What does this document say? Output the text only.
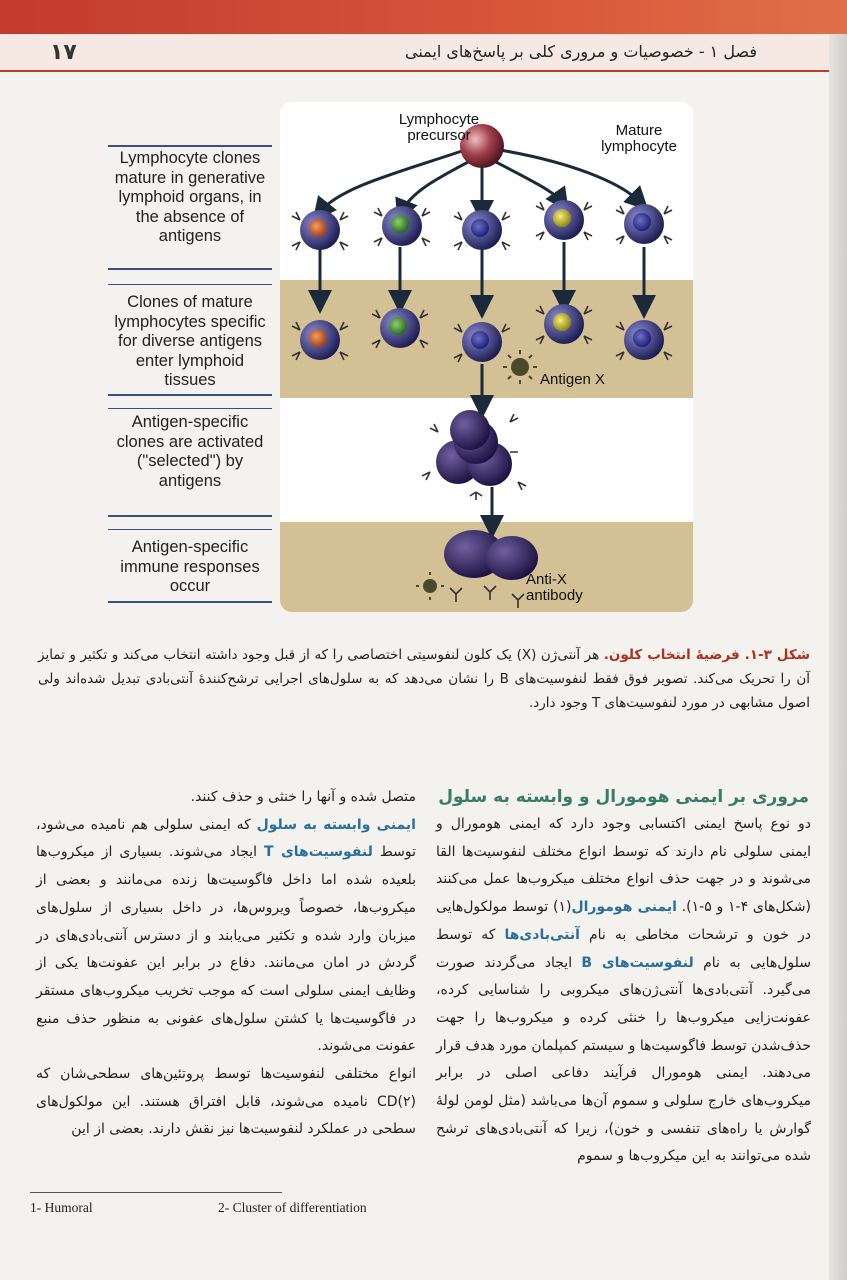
۱۷	فصل ۱ - خصوصیات و مروری کلی بر پاسخ‌های ایمنی
Lymphocyte clones mature in generative lymphoid organs, in the absence of antigens
Clones of mature lymphocytes specific for diverse antigens enter lymphoid tissues
Antigen-specific clones are activated ("selected") by antigens
Antigen-specific immune responses occur
Lymphocyte precursor	Mature lymphocyte
Antigen X
Anti-X antibody
شکل ۳-۱. فرضیهٔ انتخاب کلون. هر آنتی‌ژن (X) یک کلون لنفوسیتی اختصاصی را که از قبل وجود داشته انتخاب می‌کند و تکثیر و تمایز آن را تحریک می‌کند. تصویر فوق فقط لنفوسیت‌های B را نشان می‌دهد که به سلول‌های اجرایی ترشح‌کنندهٔ آنتی‌بادی تبدیل شده‌اند ولی اصول مشابهی در مورد لنفوسیت‌های T وجود دارد.
مروری بر ایمنی هومورال و وابسته به سلول
دو نوع پاسخ ایمنی اکتسابی وجود دارد که ایمنی هومورال و ایمنی سلولی نام دارند که توسط انواع مختلف لنفوسیت‌ها القا می‌شوند و در جهت حذف انواع مختلف میکروب‌ها عمل می‌کنند (شکل‌های ۴-۱ و ۵-۱). ایمنی هومورال(۱) توسط مولکول‌هایی در خون و ترشحات مخاطی به نام آنتی‌بادی‌ها که توسط سلول‌هایی به نام لنفوسیت‌های B ایجاد می‌گردند صورت می‌گیرد. آنتی‌بادی‌ها آنتی‌ژن‌های میکروبی را شناسایی کرده، عفونت‌زایی میکروب‌ها را خنثی کرده و میکروب‌ها را جهت حذف‌شدن توسط فاگوسیت‌ها و سیستم کمپلمان مورد هدف قرار می‌دهند. ایمنی هومورال فرآیند دفاعی اصلی در برابر میکروب‌های خارج سلولی و سموم آن‌ها می‌باشد (مثل لومن لولهٔ گوارش یا راه‌های تنفسی و خون)، زیرا که آنتی‌بادی‌های ترشح شده می‌توانند به این میکروب‌ها و سموم
متصل شده و آنها را خنثی و حذف کنند.
ایمنی وابسته به سلول که ایمنی سلولی هم نامیده می‌شود، توسط لنفوسیت‌های T ایجاد می‌شوند. بسیاری از میکروب‌ها بلعیده شده اما داخل فاگوسیت‌ها زنده می‌مانند و بعضی از میکروب‌ها، خصوصاً ویروس‌ها، در داخل بسیاری از سلول‌های میزبان وارد شده و تکثیر می‌یابند و از دسترس آنتی‌بادی‌های در گردش در امان می‌مانند. دفاع در برابر این عفونت‌ها یکی از وظایف ایمنی سلولی است که موجب تخریب میکروب‌های مستقر در فاگوسیت‌ها یا کشتن سلول‌های عفونی به منظور حذف منبع عفونت می‌شوند.
انواع مختلفی لنفوسیت‌ها توسط پروتئین‌های سطحی‌شان که CD(۲) نامیده می‌شوند، قابل افتراق هستند. این مولکول‌های سطحی در عملکرد لنفوسیت‌ها نیز نقش دارند. بعضی از این
1- Humoral	2- Cluster of differentiation
